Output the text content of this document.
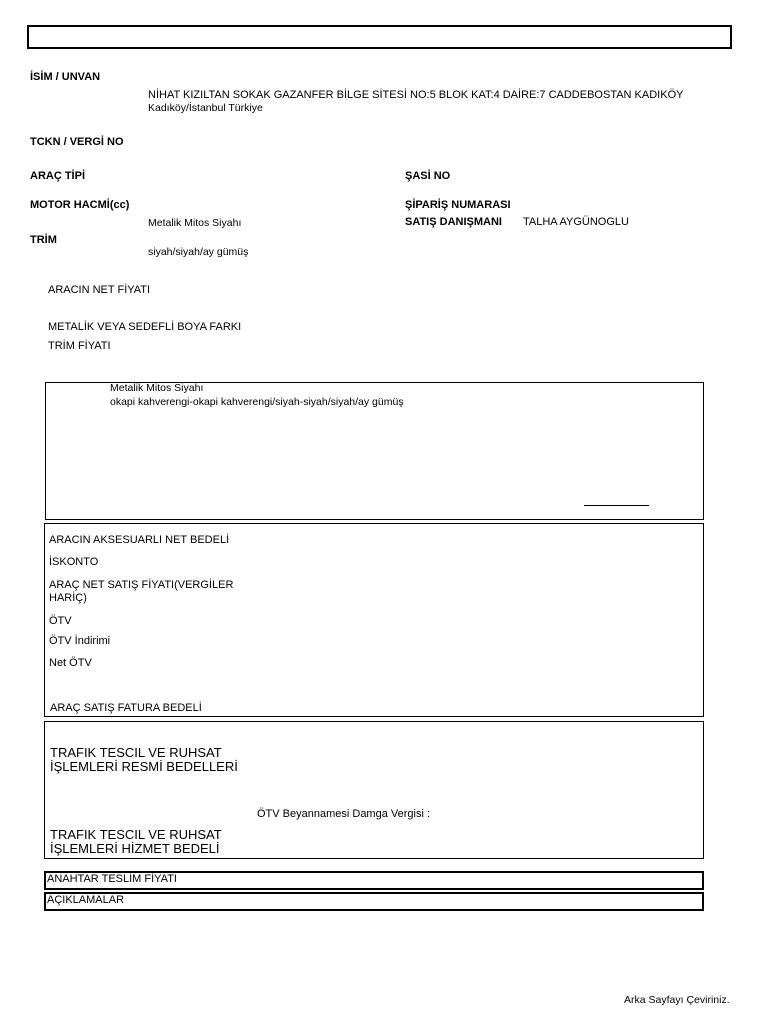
İSİM / UNVAN
NİHAT KIZILTAN SOKAK GAZANFER BİLGE SİTESİ NO:5 BLOK KAT:4 DAİRE:7 CADDEBOSTAN KADIKÖY
Kadıköy/İstanbul Türkiye
TCKN / VERGİ NO
ARAÇ TİPİ	ŞASİ NO
MOTOR HACMİ(cc)	ŞİPARİŞ NUMARASI
Metalik Mitos Siyahı	SATIŞ DANIŞMANI TALHA AYGÜNOGLU
TRİM
siyah/siyah/ay gümüş
ARACIN NET FİYATI
METALİK VEYA SEDEFLİ BOYA FARKI
TRİM FİYATI
Metalik Mitos Siyahı
okapi kahverengi-okapi kahverengi/siyah-siyah/siyah/ay gümüş
ARACIN AKSESUARLI NET BEDELİ
İSKONTO
ARAÇ NET SATIŞ FİYATI(VERGİLER
HARİÇ)
ÖTV
ÖTV İndirimi
Net ÖTV
ARAÇ SATIŞ FATURA BEDELİ
TRAFIK TESCIL VE RUHSAT
İŞLEMLERİ RESMİ BEDELLERİ
ÖTV Beyannamesi Damga Vergisi :
TRAFIK TESCIL VE RUHSAT
İŞLEMLERİ HİZMET BEDELİ
ANAHTAR TESLİM FİYATI
AÇIKLAMALAR
Arka Sayfayı Çeviriniz.
